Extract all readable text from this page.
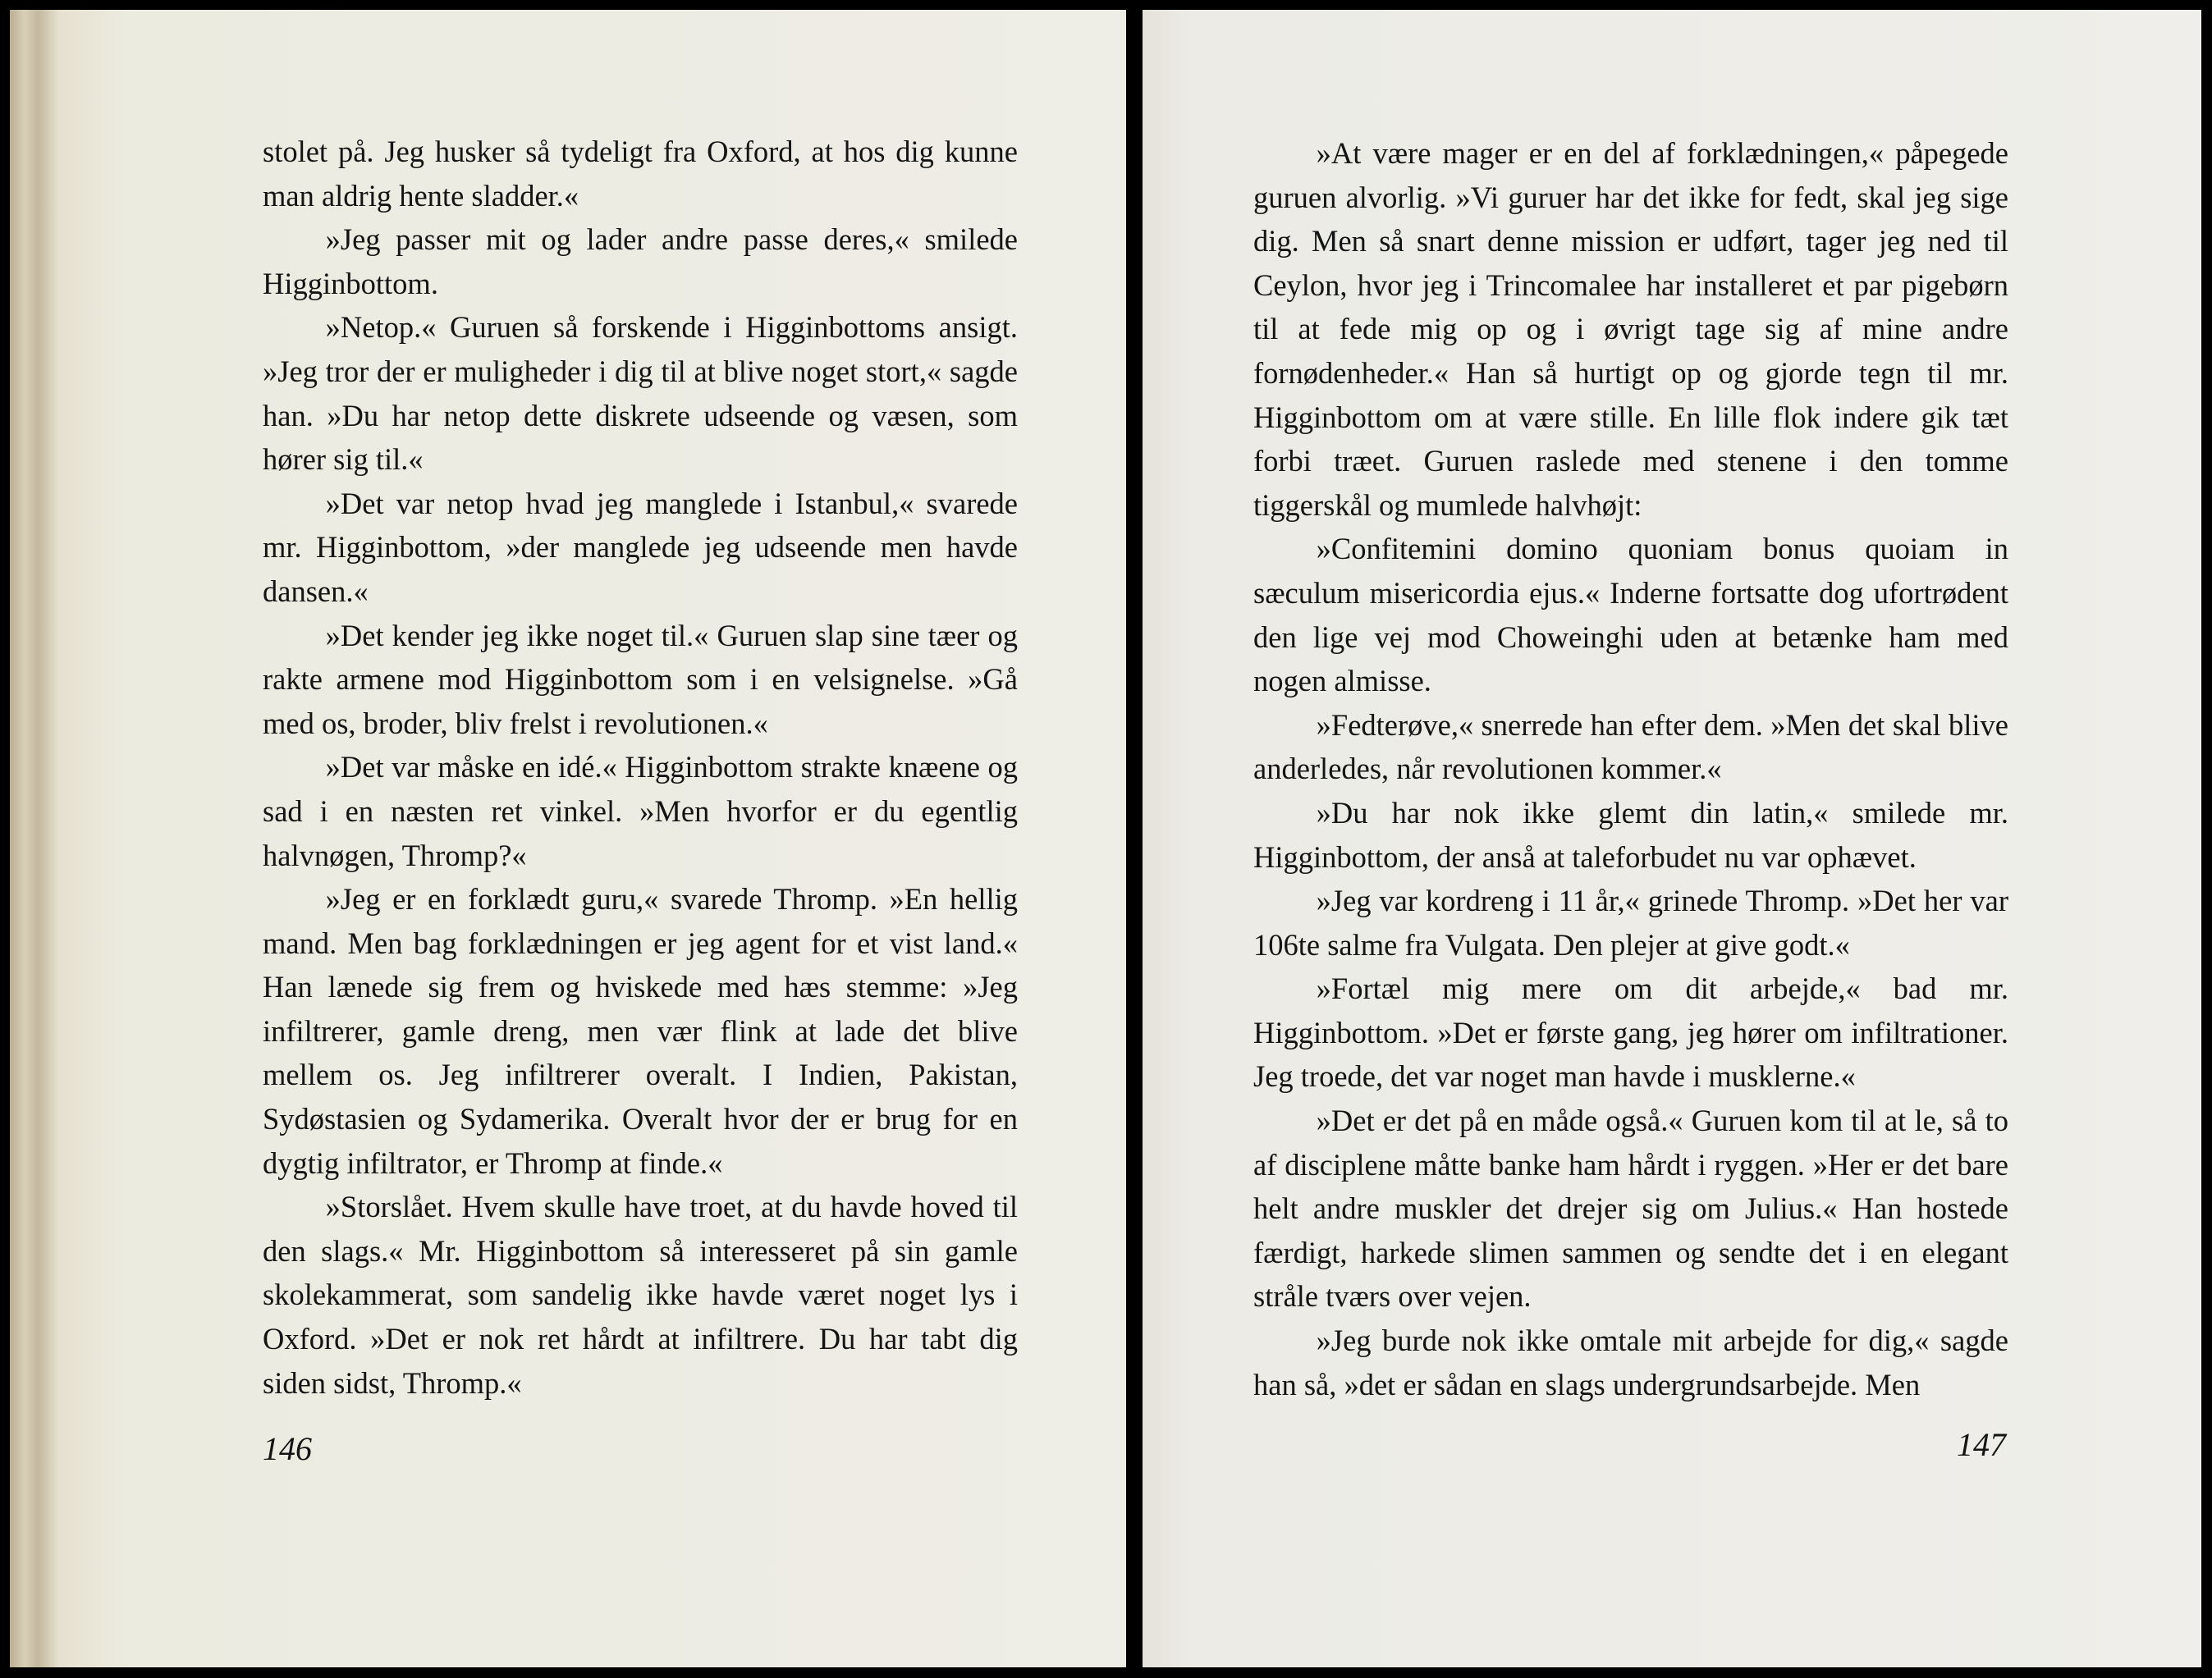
stolet på. Jeg husker så tydeligt fra Oxford, at hos dig kunne man aldrig hente sladder.«

»Jeg passer mit og lader andre passe deres,« smilede Higginbottom.

»Netop.« Guruen så forskende i Higginbottoms ansigt. »Jeg tror der er muligheder i dig til at blive noget stort,« sagde han. »Du har netop dette diskrete udseende og væsen, som hører sig til.«

»Det var netop hvad jeg manglede i Istanbul,« svarede mr. Higginbottom, »der manglede jeg udseende men havde dansen.«

»Det kender jeg ikke noget til.« Guruen slap sine tæer og rakte armene mod Higginbottom som i en velsignelse. »Gå med os, broder, bliv frelst i revolutionen.«

»Det var måske en idé.« Higginbottom strakte knæene og sad i en næsten ret vinkel. »Men hvorfor er du egentlig halvnøgen, Thromp?«

»Jeg er en forklædt guru,« svarede Thromp. »En hellig mand. Men bag forklædningen er jeg agent for et vist land.« Han lænede sig frem og hviskede med hæs stemme: »Jeg infiltrerer, gamle dreng, men vær flink at lade det blive mellem os. Jeg infiltrerer overalt. I Indien, Pakistan, Sydøstasien og Sydamerika. Overalt hvor der er brug for en dygtig infiltrator, er Thromp at finde.«

»Storslået. Hvem skulle have troet, at du havde hoved til den slags.« Mr. Higginbottom så interesseret på sin gamle skolekammerat, som sandelig ikke havde været noget lys i Oxford. »Det er nok ret hårdt at infiltrere. Du har tabt dig siden sidst, Thromp.«

146

»At være mager er en del af forklædningen,« påpegede guruen alvorlig. »Vi guruer har det ikke for fedt, skal jeg sige dig. Men så snart denne mission er udført, tager jeg ned til Ceylon, hvor jeg i Trincomalee har installeret et par pigebørn til at fede mig op og i øvrigt tage sig af mine andre fornødenheder.« Han så hurtigt op og gjorde tegn til mr. Higginbottom om at være stille. En lille flok indere gik tæt forbi træet. Guruen raslede med stenene i den tomme tiggerskål og mumlede halvhøjt:

»Confitemini domino quoniam bonus quoiam in sæculum misericordia ejus.« Inderne fortsatte dog ufortrødent den lige vej mod Choweinghi uden at betænke ham med nogen almisse.

»Fedterøve,« snerrede han efter dem. »Men det skal blive anderledes, når revolutionen kommer.«

»Du har nok ikke glemt din latin,« smilede mr. Higginbottom, der anså at taleforbudet nu var ophævet.

»Jeg var kordreng i 11 år,« grinede Thromp. »Det her var 106te salme fra Vulgata. Den plejer at give godt.«

»Fortæl mig mere om dit arbejde,« bad mr. Higginbottom. »Det er første gang, jeg hører om infiltrationer. Jeg troede, det var noget man havde i musklerne.«

»Det er det på en måde også.« Guruen kom til at le, så to af disciplene måtte banke ham hårdt i ryggen. »Her er det bare helt andre muskler det drejer sig om Julius.« Han hostede færdigt, harkede slimen sammen og sendte det i en elegant stråle tværs over vejen.

»Jeg burde nok ikke omtale mit arbejde for dig,« sagde han så, »det er sådan en slags undergrundsarbejde. Men

147
